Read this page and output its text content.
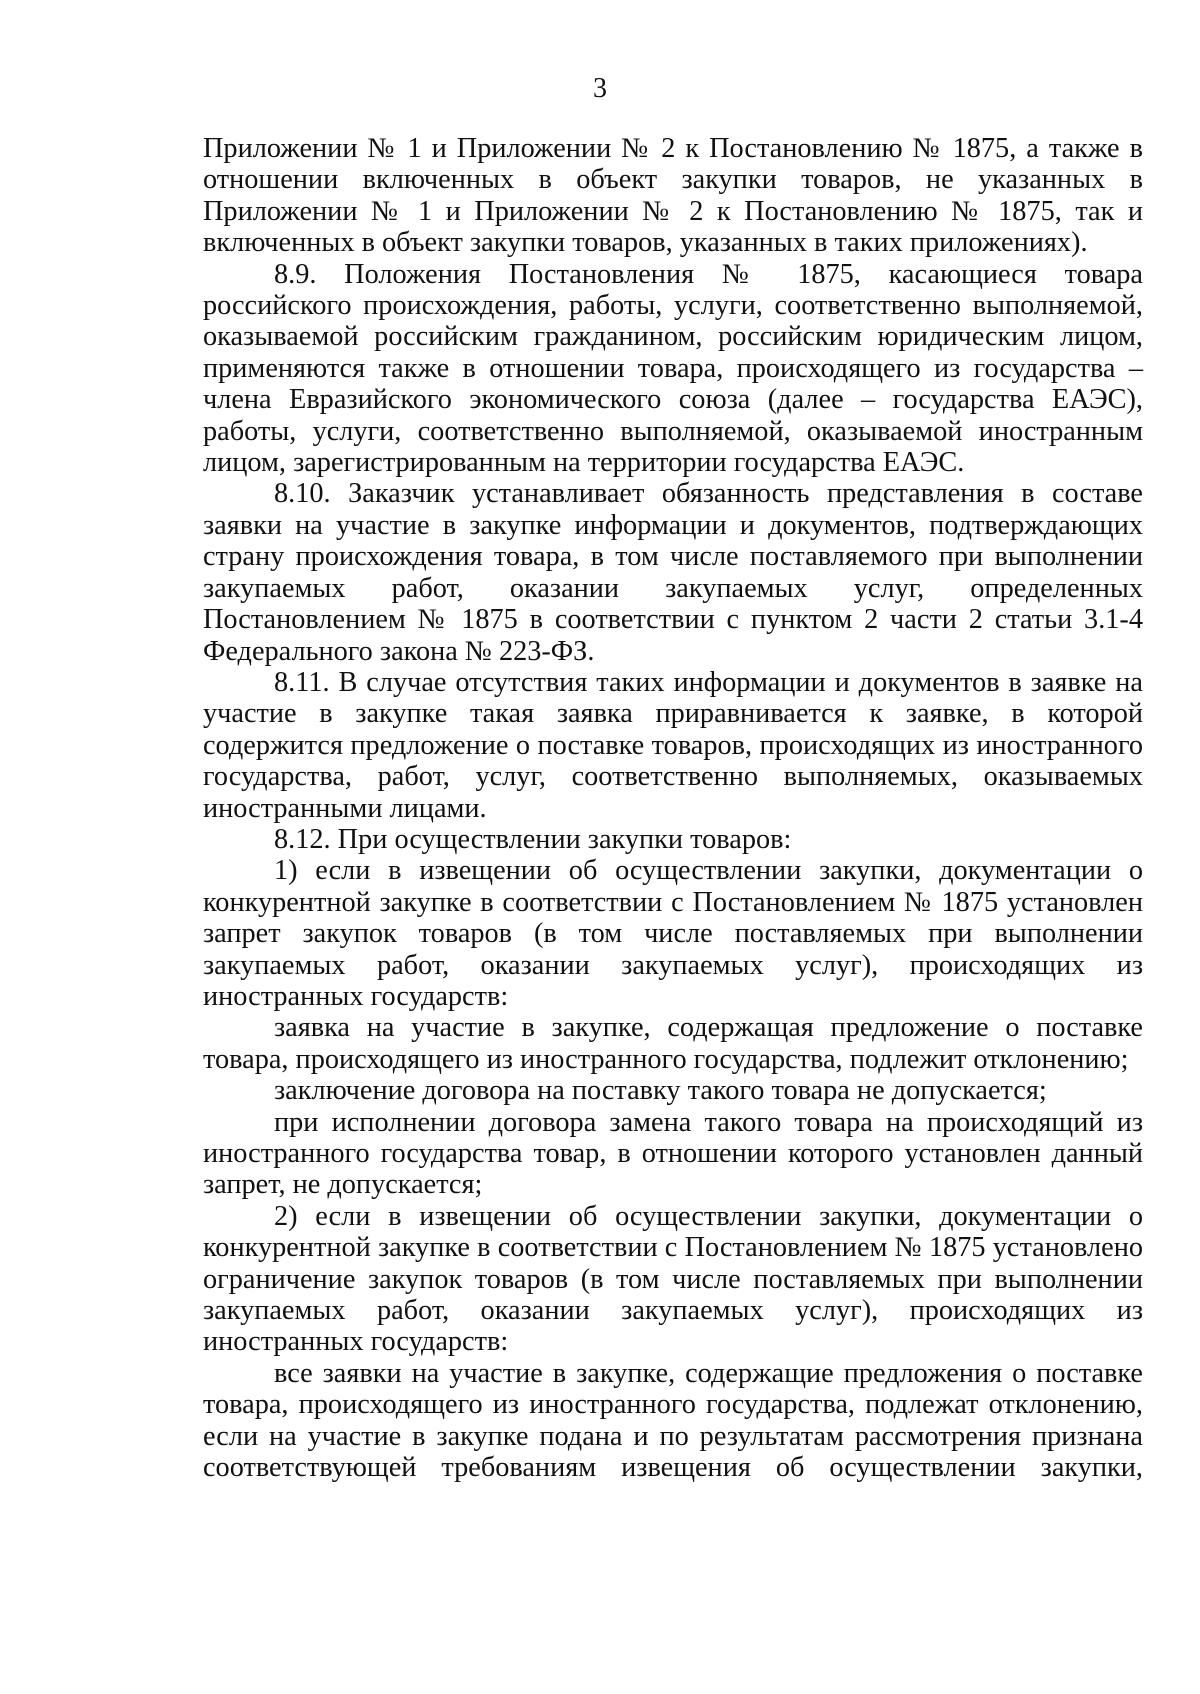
3

Приложении № 1 и Приложении № 2 к Постановлению № 1875, а также в отношении включенных в объект закупки товаров, не указанных в Приложении № 1 и Приложении № 2 к Постановлению № 1875, так и включенных в объект закупки товаров, указанных в таких приложениях).

8.9. Положения Постановления № 1875, касающиеся товара российского происхождения, работы, услуги, соответственно выполняемой, оказываемой российским гражданином, российским юридическим лицом, применяются также в отношении товара, происходящего из государства – члена Евразийского экономического союза (далее – государства ЕАЭС), работы, услуги, соответственно выполняемой, оказываемой иностранным лицом, зарегистрированным на территории государства ЕАЭС.

8.10. Заказчик устанавливает обязанность представления в составе заявки на участие в закупке информации и документов, подтверждающих страну происхождения товара, в том числе поставляемого при выполнении закупаемых работ, оказании закупаемых услуг, определенных Постановлением № 1875 в соответствии с пунктом 2 части 2 статьи 3.1-4 Федерального закона № 223-ФЗ.

8.11. В случае отсутствия таких информации и документов в заявке на участие в закупке такая заявка приравнивается к заявке, в которой содержится предложение о поставке товаров, происходящих из иностранного государства, работ, услуг, соответственно выполняемых, оказываемых иностранными лицами.

8.12. При осуществлении закупки товаров:

1) если в извещении об осуществлении закупки, документации о конкурентной закупке в соответствии с Постановлением № 1875 установлен запрет закупок товаров (в том числе поставляемых при выполнении закупаемых работ, оказании закупаемых услуг), происходящих из иностранных государств:

заявка на участие в закупке, содержащая предложение о поставке товара, происходящего из иностранного государства, подлежит отклонению;

заключение договора на поставку такого товара не допускается;

при исполнении договора замена такого товара на происходящий из иностранного государства товар, в отношении которого установлен данный запрет, не допускается;

2) если в извещении об осуществлении закупки, документации о конкурентной закупке в соответствии с Постановлением № 1875 установлено ограничение закупок товаров (в том числе поставляемых при выполнении закупаемых работ, оказании закупаемых услуг), происходящих из иностранных государств:

все заявки на участие в закупке, содержащие предложения о поставке товара, происходящего из иностранного государства, подлежат отклонению, если на участие в закупке подана и по результатам рассмотрения признана соответствующей требованиям извещения об осуществлении закупки,
